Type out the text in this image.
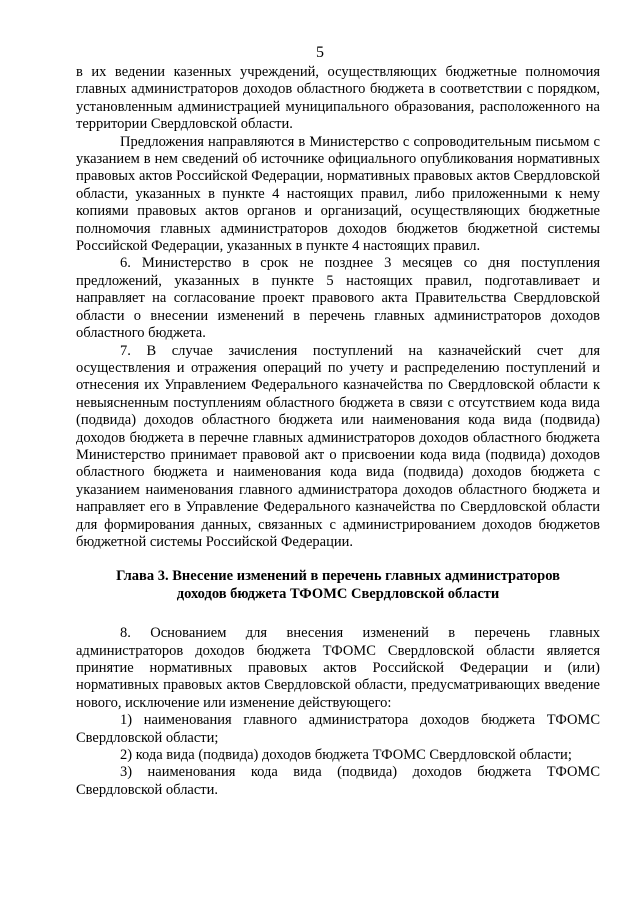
5

в их ведении казенных учреждений, осуществляющих бюджетные полномочия главных администраторов доходов областного бюджета в соответствии с порядком, установленным администрацией муниципального образования, расположенного на территории Свердловской области.

Предложения направляются в Министерство с сопроводительным письмом с указанием в нем сведений об источнике официального опубликования нормативных правовых актов Российской Федерации, нормативных правовых актов Свердловской области, указанных в пункте 4 настоящих правил, либо приложенными к нему копиями правовых актов органов и организаций, осуществляющих бюджетные полномочия главных администраторов доходов бюджетов бюджетной системы Российской Федерации, указанных в пункте 4 настоящих правил.

6. Министерство в срок не позднее 3 месяцев со дня поступления предложений, указанных в пункте 5 настоящих правил, подготавливает и направляет на согласование проект правового акта Правительства Свердловской области о внесении изменений в перечень главных администраторов доходов областного бюджета.

7. В случае зачисления поступлений на казначейский счет для осуществления и отражения операций по учету и распределению поступлений и отнесения их Управлением Федерального казначейства по Свердловской области к невыясненным поступлениям областного бюджета в связи с отсутствием кода вида (подвида) доходов областного бюджета или наименования кода вида (подвида) доходов бюджета в перечне главных администраторов доходов областного бюджета Министерство принимает правовой акт о присвоении кода вида (подвида) доходов областного бюджета и наименования кода вида (подвида) доходов бюджета с указанием наименования главного администратора доходов областного бюджета и направляет его в Управление Федерального казначейства по Свердловской области для формирования данных, связанных с администрированием доходов бюджетов бюджетной системы Российской Федерации.

Глава 3. Внесение изменений в перечень главных администраторов
доходов бюджета ТФОМС Свердловской области

8. Основанием для внесения изменений в перечень главных администраторов доходов бюджета ТФОМС Свердловской области является принятие нормативных правовых актов Российской Федерации и (или) нормативных правовых актов Свердловской области, предусматривающих введение нового, исключение или изменение действующего:

1) наименования главного администратора доходов бюджета ТФОМС Свердловской области;

2) кода вида (подвида) доходов бюджета ТФОМС Свердловской области;

3) наименования кода вида (подвида) доходов бюджета ТФОМС Свердловской области.
